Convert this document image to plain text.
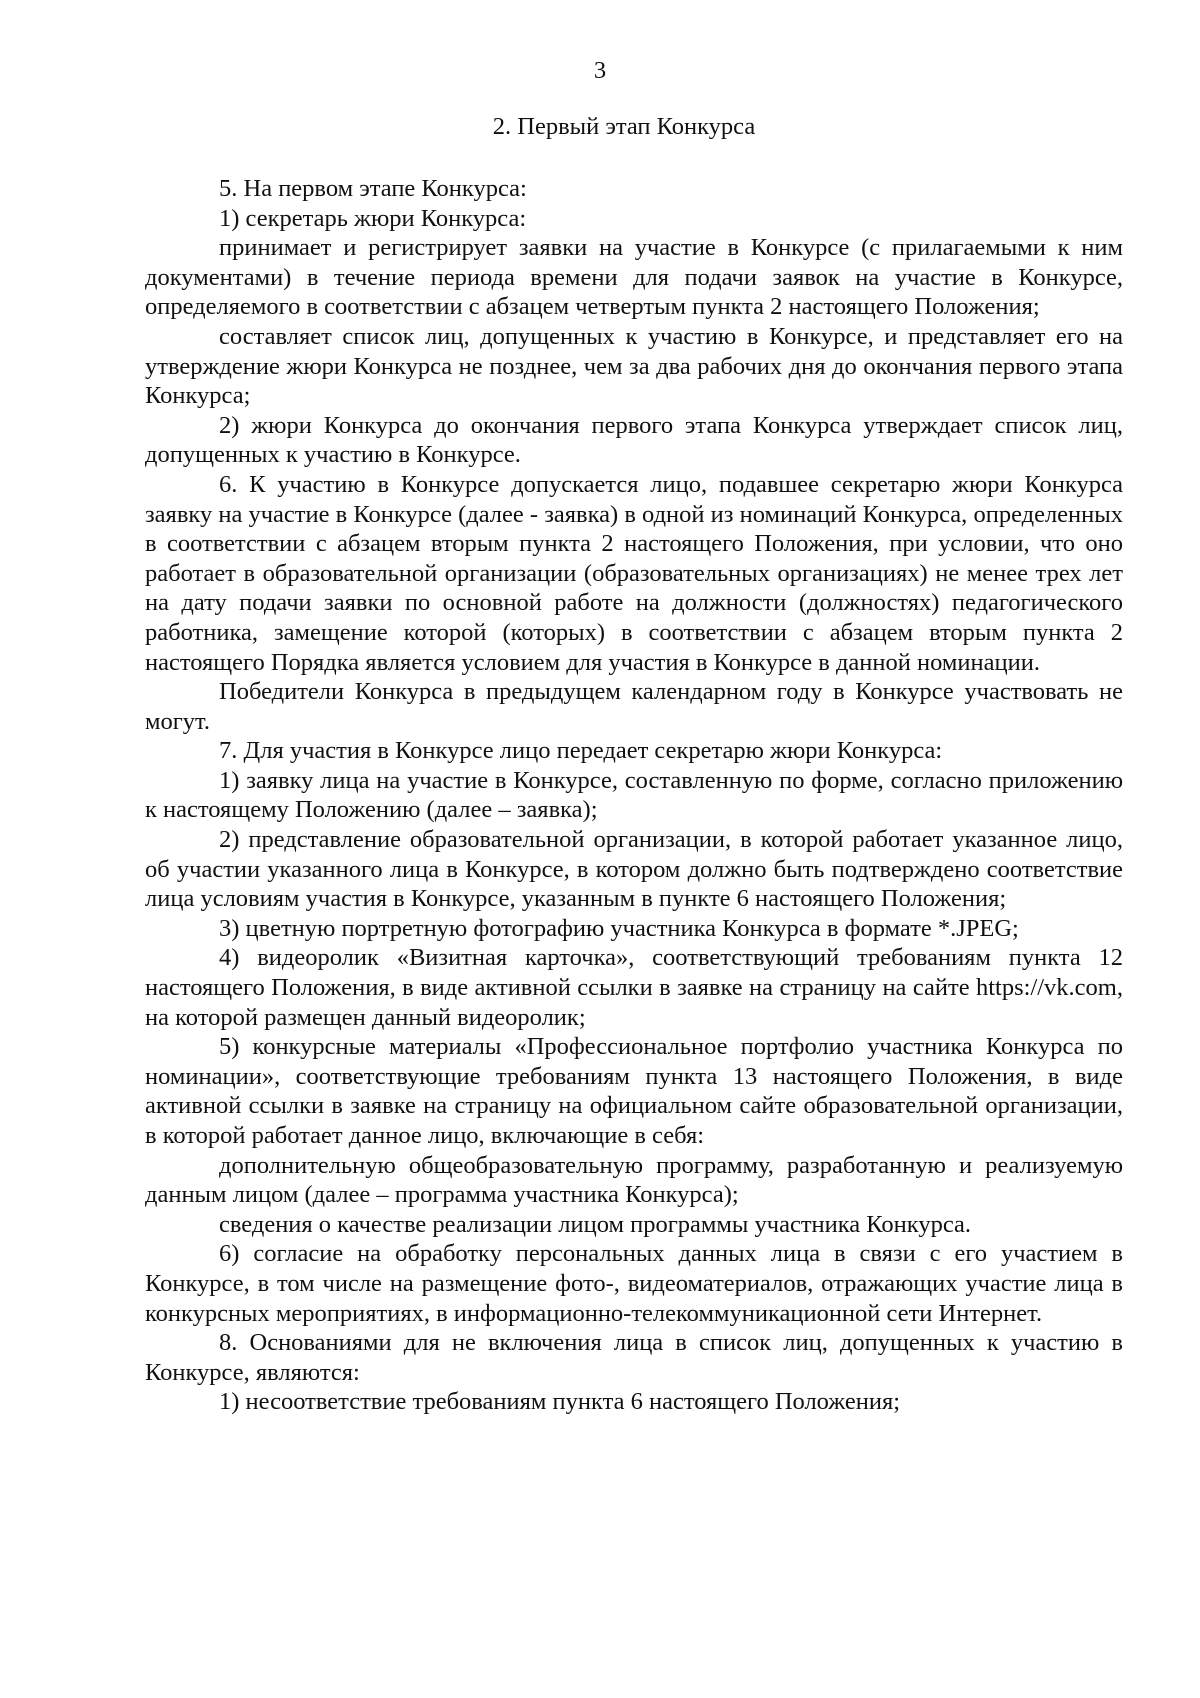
3
2. Первый этап Конкурса

5. На первом этапе Конкурса:

1) секретарь жюри Конкурса:

принимает и регистрирует заявки на участие в Конкурсе (с прилагаемыми к ним документами) в течение периода времени для подачи заявок на участие в Конкурсе, определяемого в соответствии с абзацем четвертым пункта 2 настоящего Положения;

составляет список лиц, допущенных к участию в Конкурсе, и представляет его на утверждение жюри Конкурса не позднее, чем за два рабочих дня до окончания первого этапа Конкурса;

2) жюри Конкурса до окончания первого этапа Конкурса утверждает список лиц, допущенных к участию в Конкурсе.

6. К участию в Конкурсе допускается лицо, подавшее секретарю жюри Конкурса заявку на участие в Конкурсе (далее - заявка) в одной из номинаций Конкурса, определенных в соответствии с абзацем вторым пункта 2 настоящего Положения, при условии, что оно работает в образовательной организации (образовательных организациях) не менее трех лет на дату подачи заявки по основной работе на должности (должностях) педагогического работника, замещение которой (которых) в соответствии с абзацем вторым пункта 2 настоящего Порядка является условием для участия в Конкурсе в данной номинации.

Победители Конкурса в предыдущем календарном году в Конкурсе участвовать не могут.

7. Для участия в Конкурсе лицо передает секретарю жюри Конкурса:

1) заявку лица на участие в Конкурсе, составленную по форме, согласно приложению к настоящему Положению (далее – заявка);

2) представление образовательной организации, в которой работает указанное лицо, об участии указанного лица в Конкурсе, в котором должно быть подтверждено соответствие лица условиям участия в Конкурсе, указанным в пункте 6 настоящего Положения;

3) цветную портретную фотографию участника Конкурса в формате *.JPEG;

4) видеоролик «Визитная карточка», соответствующий требованиям пункта 12 настоящего Положения, в виде активной ссылки в заявке на страницу на сайте https://vk.com, на которой размещен данный видеоролик;

5) конкурсные материалы «Профессиональное портфолио участника Конкурса по номинации», соответствующие требованиям пункта 13 настоящего Положения, в виде активной ссылки в заявке на страницу на официальном сайте образовательной организации, в которой работает данное лицо, включающие в себя:

дополнительную общеобразовательную программу, разработанную и реализуемую данным лицом (далее – программа участника Конкурса);

сведения о качестве реализации лицом программы участника Конкурса.

6) согласие на обработку персональных данных лица в связи с его участием в Конкурсе, в том числе на размещение фото-, видеоматериалов, отражающих участие лица в конкурсных мероприятиях, в информационно-телекоммуникационной сети Интернет.

8. Основаниями для не включения лица в список лиц, допущенных к участию в Конкурсе, являются:

1) несоответствие требованиям пункта 6 настоящего Положения;
